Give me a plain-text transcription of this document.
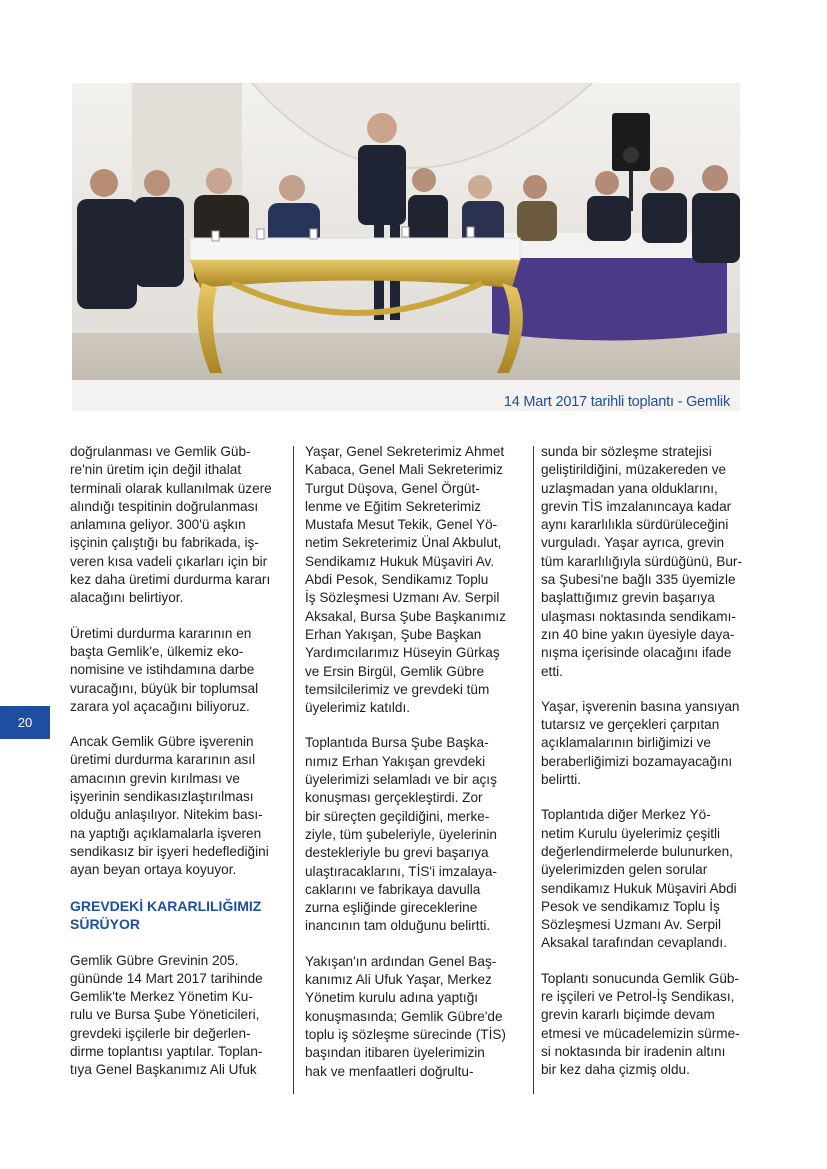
14 Mart 2017 tarihli toplantı - Gemlik
20

doğrulanması ve Gemlik Güb-
re'nin üretim için değil ithalat
terminali olarak kullanılmak üzere
alındığı tespitinin doğrulanması
anlamına geliyor. 300'ü aşkın
işçinin çalıştığı bu fabrikada, iş-
veren kısa vadeli çıkarları için bir
kez daha üretimi durdurma kararı
alacağını belirtiyor.

Üretimi durdurma kararının en
başta Gemlik'e, ülkemiz eko-
nomisine ve istihdamına darbe
vuracağını, büyük bir toplumsal
zarara yol açacağını biliyoruz.

Ancak Gemlik Gübre işverenin
üretimi durdurma kararının asıl
amacının grevin kırılması ve
işyerinin sendikasızlaştırılması
olduğu anlaşılıyor. Nitekim bası-
na yaptığı açıklamalarla işveren
sendikasız bir işyeri hedeflediğini
ayan beyan ortaya koyuyor.

GREVDEKİ KARARLILIĞIMIZ
SÜRÜYOR

Gemlik Gübre Grevinin 205.
gününde 14 Mart 2017 tarihinde
Gemlik'te Merkez Yönetim Ku-
rulu ve Bursa Şube Yöneticileri,
grevdeki işçilerle bir değerlen-
dirme toplantısı yaptılar. Toplan-
tıya Genel Başkanımız Ali Ufuk

Yaşar, Genel Sekreterimiz Ahmet
Kabaca, Genel Mali Sekreterimiz
Turgut Düşova, Genel Örgüt-
lenme ve Eğitim Sekreterimiz
Mustafa Mesut Tekik, Genel Yö-
netim Sekreterimiz Ünal Akbulut,
Sendikamız Hukuk Müşaviri Av.
Abdi Pesok, Sendikamız Toplu
İş Sözleşmesi Uzmanı Av. Serpil
Aksakal, Bursa Şube Başkanımız
Erhan Yakışan, Şube Başkan
Yardımcılarımız Hüseyin Gürkaş
ve Ersin Birgül, Gemlik Gübre
temsilcilerimiz ve grevdeki tüm
üyelerimiz katıldı.

Toplantıda Bursa Şube Başka-
nımız Erhan Yakışan grevdeki
üyelerimizi selamladı ve bir açış
konuşması gerçekleştirdi. Zor
bir süreçten geçildiğini, merke-
ziyle, tüm şubeleriyle, üyelerinin
destekleriyle bu grevi başarıya
ulaştıracaklarını, TİS'i imzalaya-
caklarını ve fabrikaya davulla
zurna eşliğinde gireceklerine
inancının tam olduğunu belirtti.

Yakışan'ın ardından Genel Baş-
kanımız Ali Ufuk Yaşar, Merkez
Yönetim kurulu adına yaptığı
konuşmasında; Gemlik Gübre'de
toplu iş sözleşme sürecinde (TİS)
başından itibaren üyelerimizin
hak ve menfaatleri doğrultu-

sunda bir sözleşme stratejisi
geliştirildiğini, müzakereden ve
uzlaşmadan yana olduklarını,
grevin TİS imzalanıncaya kadar
aynı kararlılıkla sürdürüleceğini
vurguladı. Yaşar ayrıca, grevin
tüm kararlılığıyla sürdüğünü, Bur-
sa Şubesi'ne bağlı 335 üyemizle
başlattığımız grevin başarıya
ulaşması noktasında sendikamı-
zın 40 bine yakın üyesiyle daya-
nışma içerisinde olacağını ifade
etti.

Yaşar, işverenin basına yansıyan
tutarsız ve gerçekleri çarpıtan
açıklamalarının birliğimizi ve
beraberliğimizi bozamayacağını
belirtti.

Toplantıda diğer Merkez Yö-
netim Kurulu üyelerimiz çeşitli
değerlendirmelerde bulunurken,
üyelerimizden gelen sorular
sendikamız Hukuk Müşaviri Abdi
Pesok ve sendikamız Toplu İş
Sözleşmesi Uzmanı Av. Serpil
Aksakal tarafından cevaplandı.

Toplantı sonucunda Gemlik Güb-
re işçileri ve Petrol-İş Sendikası,
grevin kararlı biçimde devam
etmesi ve mücadelemizin sürme-
si noktasında bir iradenin altını
bir kez daha çizmiş oldu.
